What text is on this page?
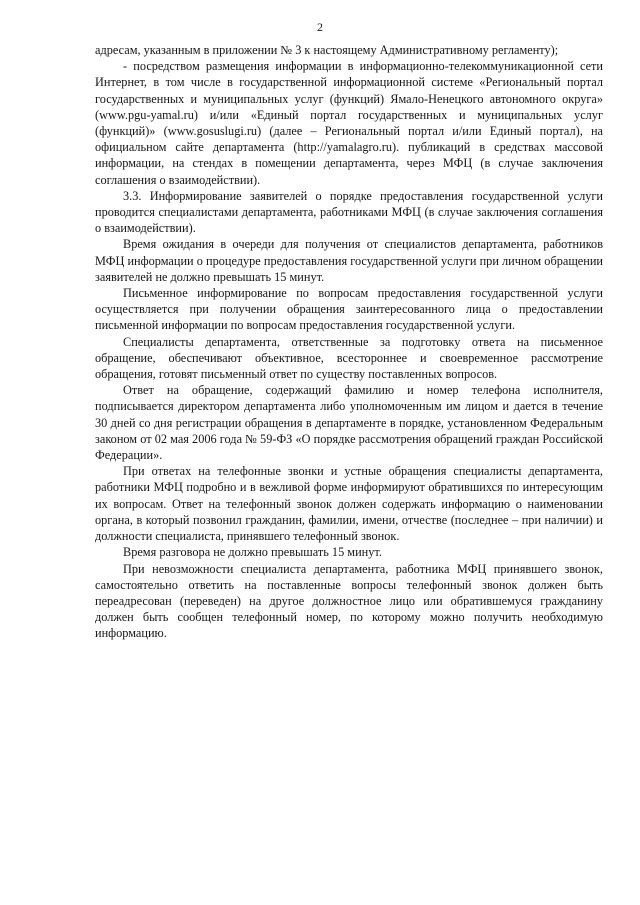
2

адресам, указанным в приложении № 3 к настоящему Административному регламенту);

- посредством размещения информации в информационно-телекоммуникационной сети Интернет, в том числе в государственной информационной системе «Региональный портал государственных и муниципальных услуг (функций) Ямало-Ненецкого автономного округа» (www.pgu-yamal.ru) и/или «Единый портал государственных и муниципальных услуг (функций)» (www.gosuslugi.ru) (далее – Региональный портал и/или Единый портал), на официальном сайте департамента (http://yamalagro.ru). публикаций в средствах массовой информации, на стендах в помещении департамента, через МФЦ (в случае заключения соглашения о взаимодействии).

3.3. Информирование заявителей о порядке предоставления государственной услуги проводится специалистами департамента, работниками МФЦ (в случае заключения соглашения о взаимодействии).

Время ожидания в очереди для получения от специалистов департамента, работников МФЦ информации о процедуре предоставления государственной услуги при личном обращении заявителей не должно превышать 15 минут.

Письменное информирование по вопросам предоставления государственной услуги осуществляется при получении обращения заинтересованного лица о предоставлении письменной информации по вопросам предоставления государственной услуги.

Специалисты департамента, ответственные за подготовку ответа на письменное обращение, обеспечивают объективное, всестороннее и своевременное рассмотрение обращения, готовят письменный ответ по существу поставленных вопросов.

Ответ на обращение, содержащий фамилию и номер телефона исполнителя, подписывается директором департамента либо уполномоченным им лицом и дается в течение 30 дней со дня регистрации обращения в департаменте в порядке, установленном Федеральным законом от 02 мая 2006 года № 59-ФЗ «О порядке рассмотрения обращений граждан Российской Федерации».

При ответах на телефонные звонки и устные обращения специалисты департамента, работники МФЦ подробно и в вежливой форме информируют обратившихся по интересующим их вопросам. Ответ на телефонный звонок должен содержать информацию о наименовании органа, в который позвонил гражданин, фамилии, имени, отчестве (последнее – при наличии) и должности специалиста, принявшего телефонный звонок.

Время разговора не должно превышать 15 минут.

При невозможности специалиста департамента, работника МФЦ принявшего звонок, самостоятельно ответить на поставленные вопросы телефонный звонок должен быть переадресован (переведен) на другое должностное лицо или обратившемуся гражданину должен быть сообщен телефонный номер, по которому можно получить необходимую информацию.
